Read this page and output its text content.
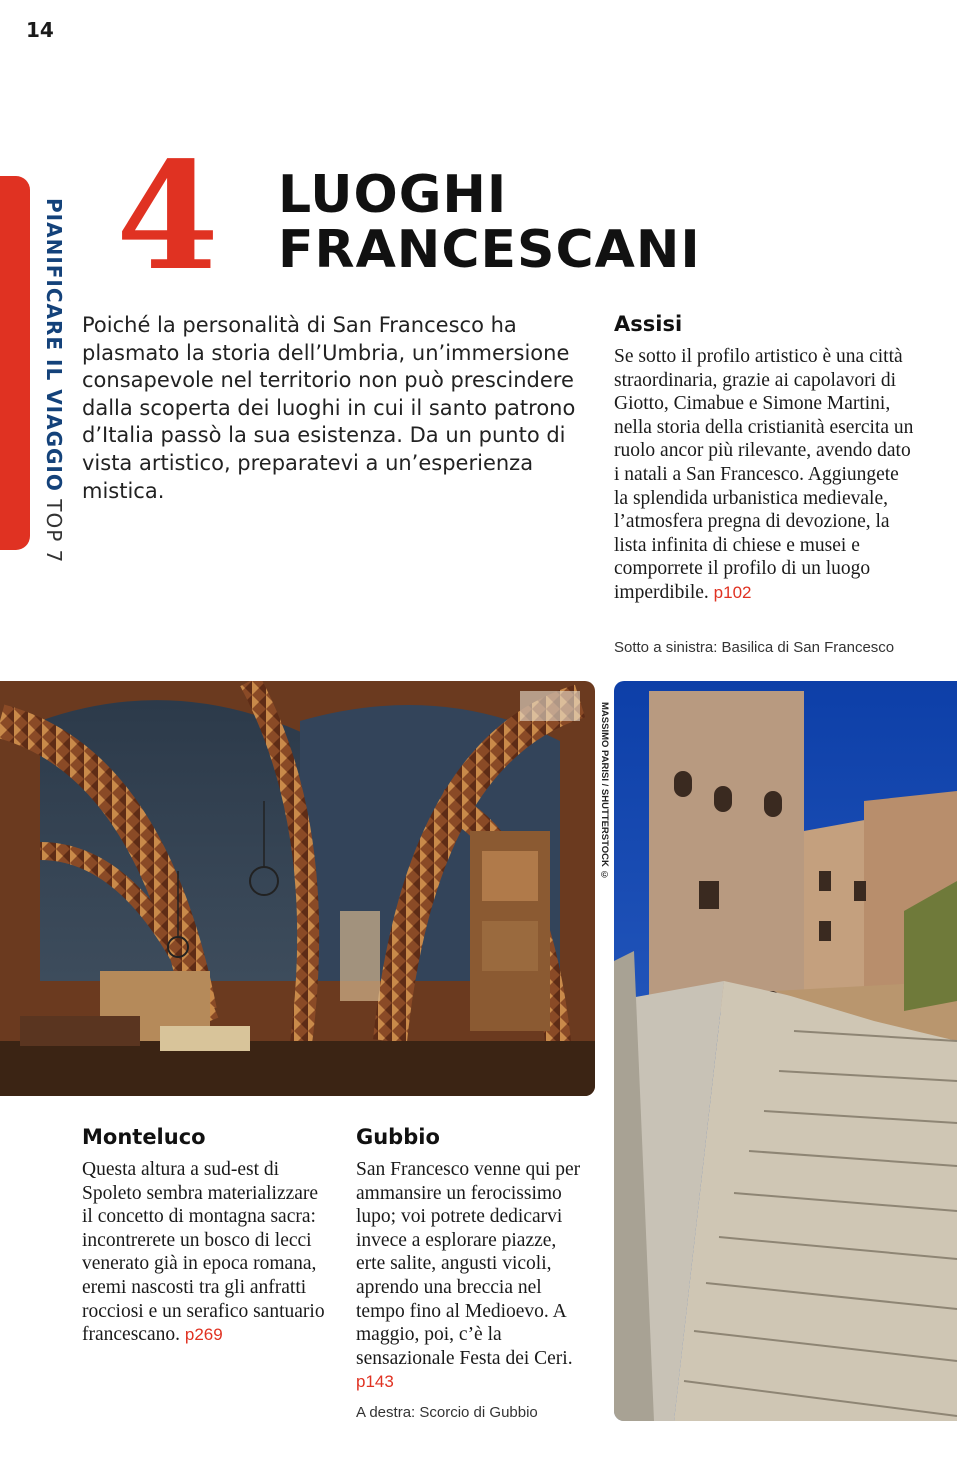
14
PIANIFICARE IL VIAGGIO TOP 7
4 LUOGHI
FRANCESCANI
Poiché la personalità di San Francesco ha plasmato la storia dell’Umbria, un’immersione consapevole nel territorio non può prescindere dalla scoperta dei luoghi in cui il santo patrono d’Italia passò la sua esistenza. Da un punto di vista artistico, preparatevi a un’esperienza mistica.
Assisi
Se sotto il profilo artistico è una città straordinaria, grazie ai capolavori di Giotto, Cimabue e Simone Martini, nella storia della cristianità esercita un ruolo ancor più rilevante, avendo dato i natali a San Francesco. Aggiungete la splendida urbanistica medievale, l’atmosfera pregna di devozione, la lista infinita di chiese e musei e comporrete il profilo di un luogo imperdibile. p102
Sotto a sinistra: Basilica di San Francesco
MASSIMO PARISI / SHUTTERSTOCK ©
Monteluco
Questa altura a sud-est di Spoleto sembra materializzare il concetto di montagna sacra: incontrerete un bosco di lecci venerato già in epoca romana, eremi nascosti tra gli anfratti rocciosi e un serafico santuario francescano. p269
Gubbio
San Francesco venne qui per ammansire un ferocissimo lupo; voi potrete dedicarvi invece a esplorare piazze, erte salite, angusti vicoli, aprendo una breccia nel tempo fino al Medioevo. A maggio, poi, c’è la sensazionale Festa dei Ceri. p143
A destra: Scorcio di Gubbio
